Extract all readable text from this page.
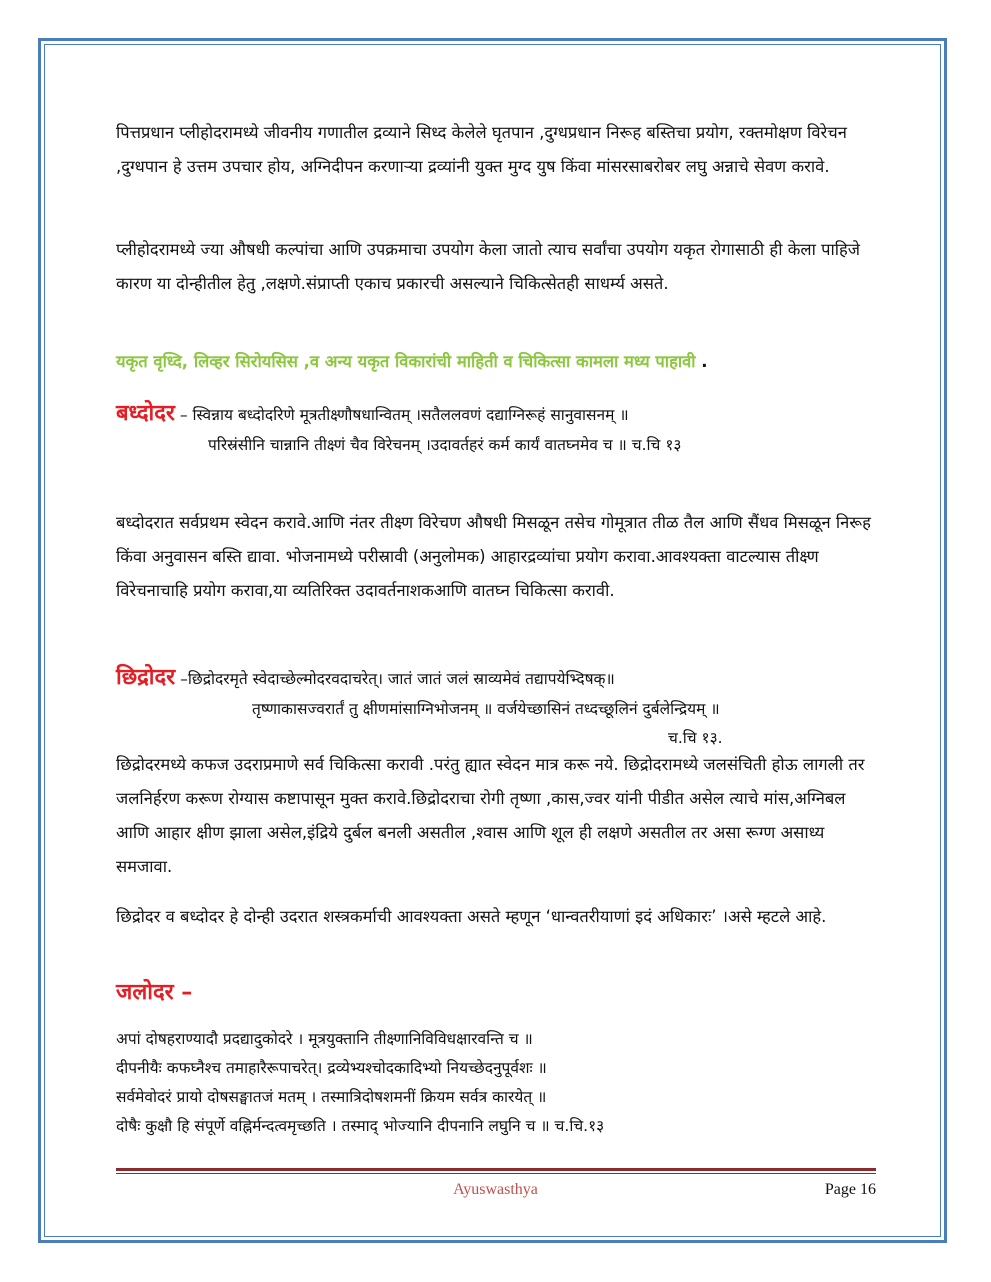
पित्तप्रधान प्लीहोदरामध्ये जीवनीय गणातील द्रव्याने सिध्द केलेले घृतपान ,दुग्धप्रधान निरूह बस्तिचा प्रयोग, रक्तमोक्षण विरेचन ,दुग्धपान हे उत्तम उपचार होय, अग्निदीपन करणाऱ्या द्रव्यांनी युक्त मुग्द युष किंवा मांसरसाबरोबर लघु अन्नाचे सेवण करावे.

प्लीहोदरामध्ये ज्या औषधी कल्पांचा आणि उपक्रमाचा उपयोग केला जातो त्याच सर्वांचा उपयोग यकृत रोगासाठी ही केला पाहिजे कारण या दोन्हीतील हेतु ,लक्षणे.संप्राप्ती एकाच प्रकारची असल्याने चिकित्सेतही साधर्म्य असते.

यकृत वृध्दि, लिव्हर सिरोयसिस ,व अन्य यकृत विकारांची माहिती व चिकित्सा कामला मध्य पाहावी .

बध्दोदर – स्विन्नाय बध्दोदरिणे मूत्रतीक्ष्णौषधान्वितम् ।सतैललवणं दद्याग्निरूहं सानुवासनम् ॥
परिस्रंसीनि चान्नानि तीक्ष्णं चैव विरेचनम् ।उदावर्तहरं कर्म कार्यं वातघ्नमेव च ॥ च.चि १३

बध्दोदरात सर्वप्रथम स्वेदन करावे.आणि नंतर तीक्ष्ण विरेचण औषधी मिसळून तसेच गोमूत्रात तीळ तैल आणि सैंधव मिसळून निरूह किंवा अनुवासन बस्ति द्यावा. भोजनामध्ये परीस्रावी (अनुलोमक) आहारद्रव्यांचा प्रयोग करावा.आवश्यक्ता वाटल्यास तीक्ष्ण विरेचनाचाहि प्रयोग करावा,या व्यतिरिक्त उदावर्तनाशकआणि वातघ्न चिकित्सा करावी.

छिद्रोदर –छिद्रोदरमृते स्वेदाच्छेल्मोदरवदाचरेत्। जातं जातं जलं स्राव्यमेवं तद्यापयेभ्दिषक्॥
तृष्णाकासज्वरार्तं तु क्षीणमांसाग्निभोजनम् ॥ वर्जयेच्छासिनं तध्दच्छूलिनं दुर्बलेन्द्रियम् ॥
च.चि १३.

छिद्रोदरमध्ये कफज उदराप्रमाणे सर्व चिकित्सा करावी .परंतु ह्यात स्वेदन मात्र करू नये. छिद्रोदरामध्ये जलसंचिती होऊ लागली तर जलनिर्हरण करूण रोग्यास कष्टापासून मुक्त करावे.छिद्रोदराचा रोगी तृष्णा ,कास,ज्वर यांनी पीडीत असेल त्याचे मांस,अग्निबल आणि आहार क्षीण झाला असेल,इंद्रिये दुर्बल बनली असतील ,श्वास आणि शूल ही लक्षणे असतील तर असा रूग्ण असाध्य समजावा.

छिद्रोदर व बध्दोदर हे दोन्ही उदरात शस्त्रकर्माची आवश्यक्ता असते म्हणून ‘धान्वतरीयाणां इदं अधिकारः’ ।असे म्हटले आहे.

जलोदर –
अपां दोषहराण्यादौ प्रदद्यादुकोदरे । मूत्रयुक्तानि तीक्ष्णानिविविधक्षारवन्ति च ॥
दीपनीयैः कफघ्नैश्च तमाहारैरूपाचरेत्। द्रव्येभ्यश्चोदकादिभ्यो नियच्छेदनुपूर्वशः ॥
सर्वमेवोदरं प्रायो दोषसङ्घातजं मतम् । तस्मात्रिदोषशमनीं क्रियम सर्वत्र कारयेत् ॥
दोषैः कुक्षौ हि संपूर्णे वह्निर्मन्दत्वमृच्छति । तस्माद् भोज्यानि दीपनानि लघुनि च ॥ च.चि.१३
Ayuswasthya	Page 16
